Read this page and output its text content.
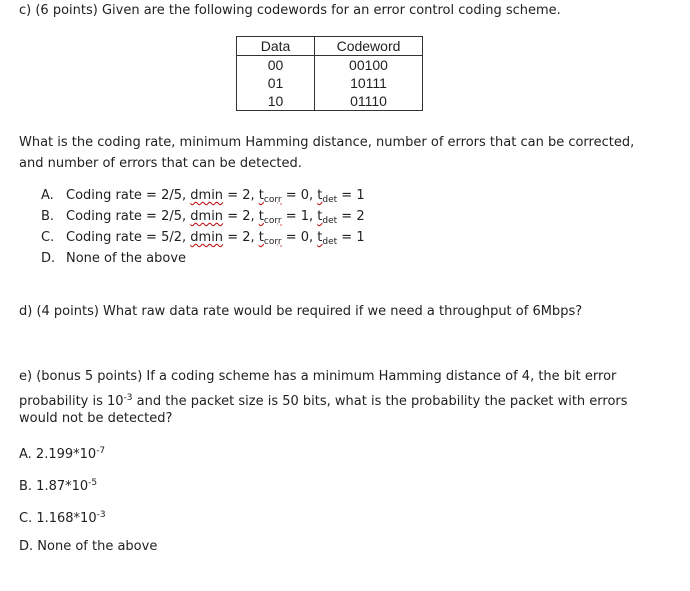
c) (6 points) Given are the following codewords for an error control coding scheme.
Data	Codeword
00	00100
01	10111
10	01110
What is the coding rate, minimum Hamming distance, number of errors that can be corrected,
and number of errors that can be detected.
A. Coding rate = 2/5, dmin = 2, $t_{corr} = 0$, $t_{det} = 1$
B. Coding rate = 2/5, dmin = 2, $t_{corr} = 1$, $t_{det} = 2$
C. Coding rate = 5/2, dmin = 2, $t_{corr} = 0$, $t_{det} = 1$
D. None of the above
d) (4 points) What raw data rate would be required if we need a throughput of 6Mbps?
e) (bonus 5 points) If a coding scheme has a minimum Hamming distance of 4, the bit error
probability is $10^{-3}$ and the packet size is 50 bits, what is the probability the packet with errors
would not be detected?
A. $2.199*10^{-7}$
B. $1.87*10^{-5}$
C. $1.168*10^{-3}$
D. None of the above
